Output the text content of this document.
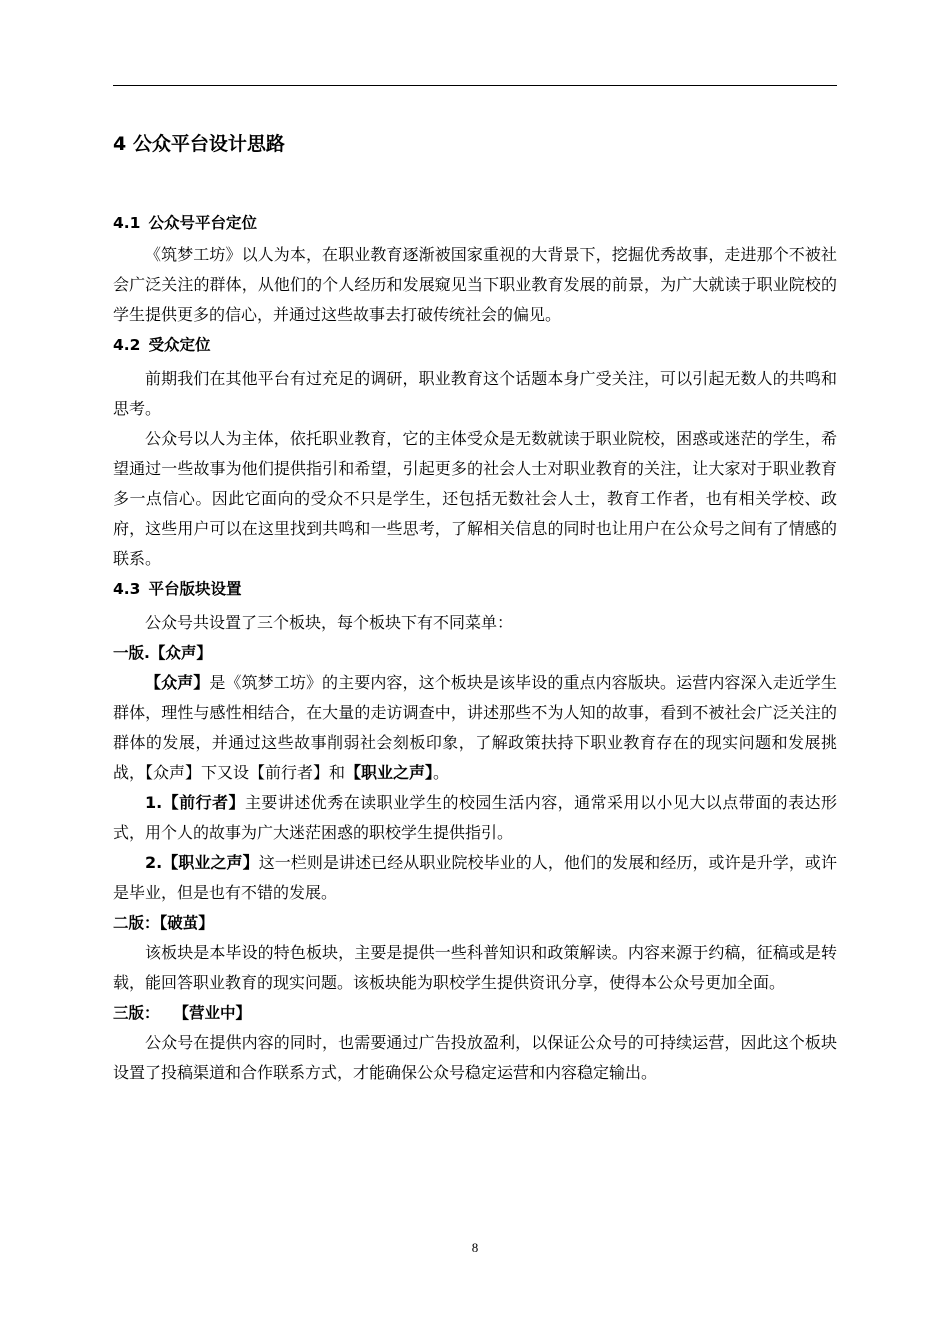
4 公众平台设计思路
4.1 公众号平台定位

《筑梦工坊》以人为本，在职业教育逐渐被国家重视的大背景下，挖掘优秀故事，走进那个不被社会广泛关注的群体，从他们的个人经历和发展窥见当下职业教育发展的前景，为广大就读于职业院校的学生提供更多的信心，并通过这些故事去打破传统社会的偏见。

4.2 受众定位

前期我们在其他平台有过充足的调研，职业教育这个话题本身广受关注，可以引起无数人的共鸣和思考。

公众号以人为主体，依托职业教育，它的主体受众是无数就读于职业院校，困惑或迷茫的学生，希望通过一些故事为他们提供指引和希望，引起更多的社会人士对职业教育的关注，让大家对于职业教育多一点信心。因此它面向的受众不只是学生，还包括无数社会人士，教育工作者，也有相关学校、政府，这些用户可以在这里找到共鸣和一些思考，了解相关信息的同时也让用户在公众号之间有了情感的联系。

4.3 平台版块设置

公众号共设置了三个板块，每个板块下有不同菜单：

一版.【众声】

【众声】是《筑梦工坊》的主要内容，这个板块是该毕设的重点内容版块。运营内容深入走近学生群体，理性与感性相结合，在大量的走访调查中，讲述那些不为人知的故事，看到不被社会广泛关注的群体的发展，并通过这些故事削弱社会刻板印象，了解政策扶持下职业教育存在的现实问题和发展挑战，【众声】下又设【前行者】和【职业之声】。

1.【前行者】主要讲述优秀在读职业学生的校园生活内容，通常采用以小见大以点带面的表达形式，用个人的故事为广大迷茫困惑的职校学生提供指引。

2.【职业之声】这一栏则是讲述已经从职业院校毕业的人，他们的发展和经历，或许是升学，或许是毕业，但是也有不错的发展。

二版：【破茧】

该板块是本毕设的特色板块，主要是提供一些科普知识和政策解读。内容来源于约稿，征稿或是转载，能回答职业教育的现实问题。该板块能为职校学生提供资讯分享，使得本公众号更加全面。

三版： 【营业中】

公众号在提供内容的同时，也需要通过广告投放盈利，以保证公众号的可持续运营，因此这个板块设置了投稿渠道和合作联系方式，才能确保公众号稳定运营和内容稳定输出。

8
